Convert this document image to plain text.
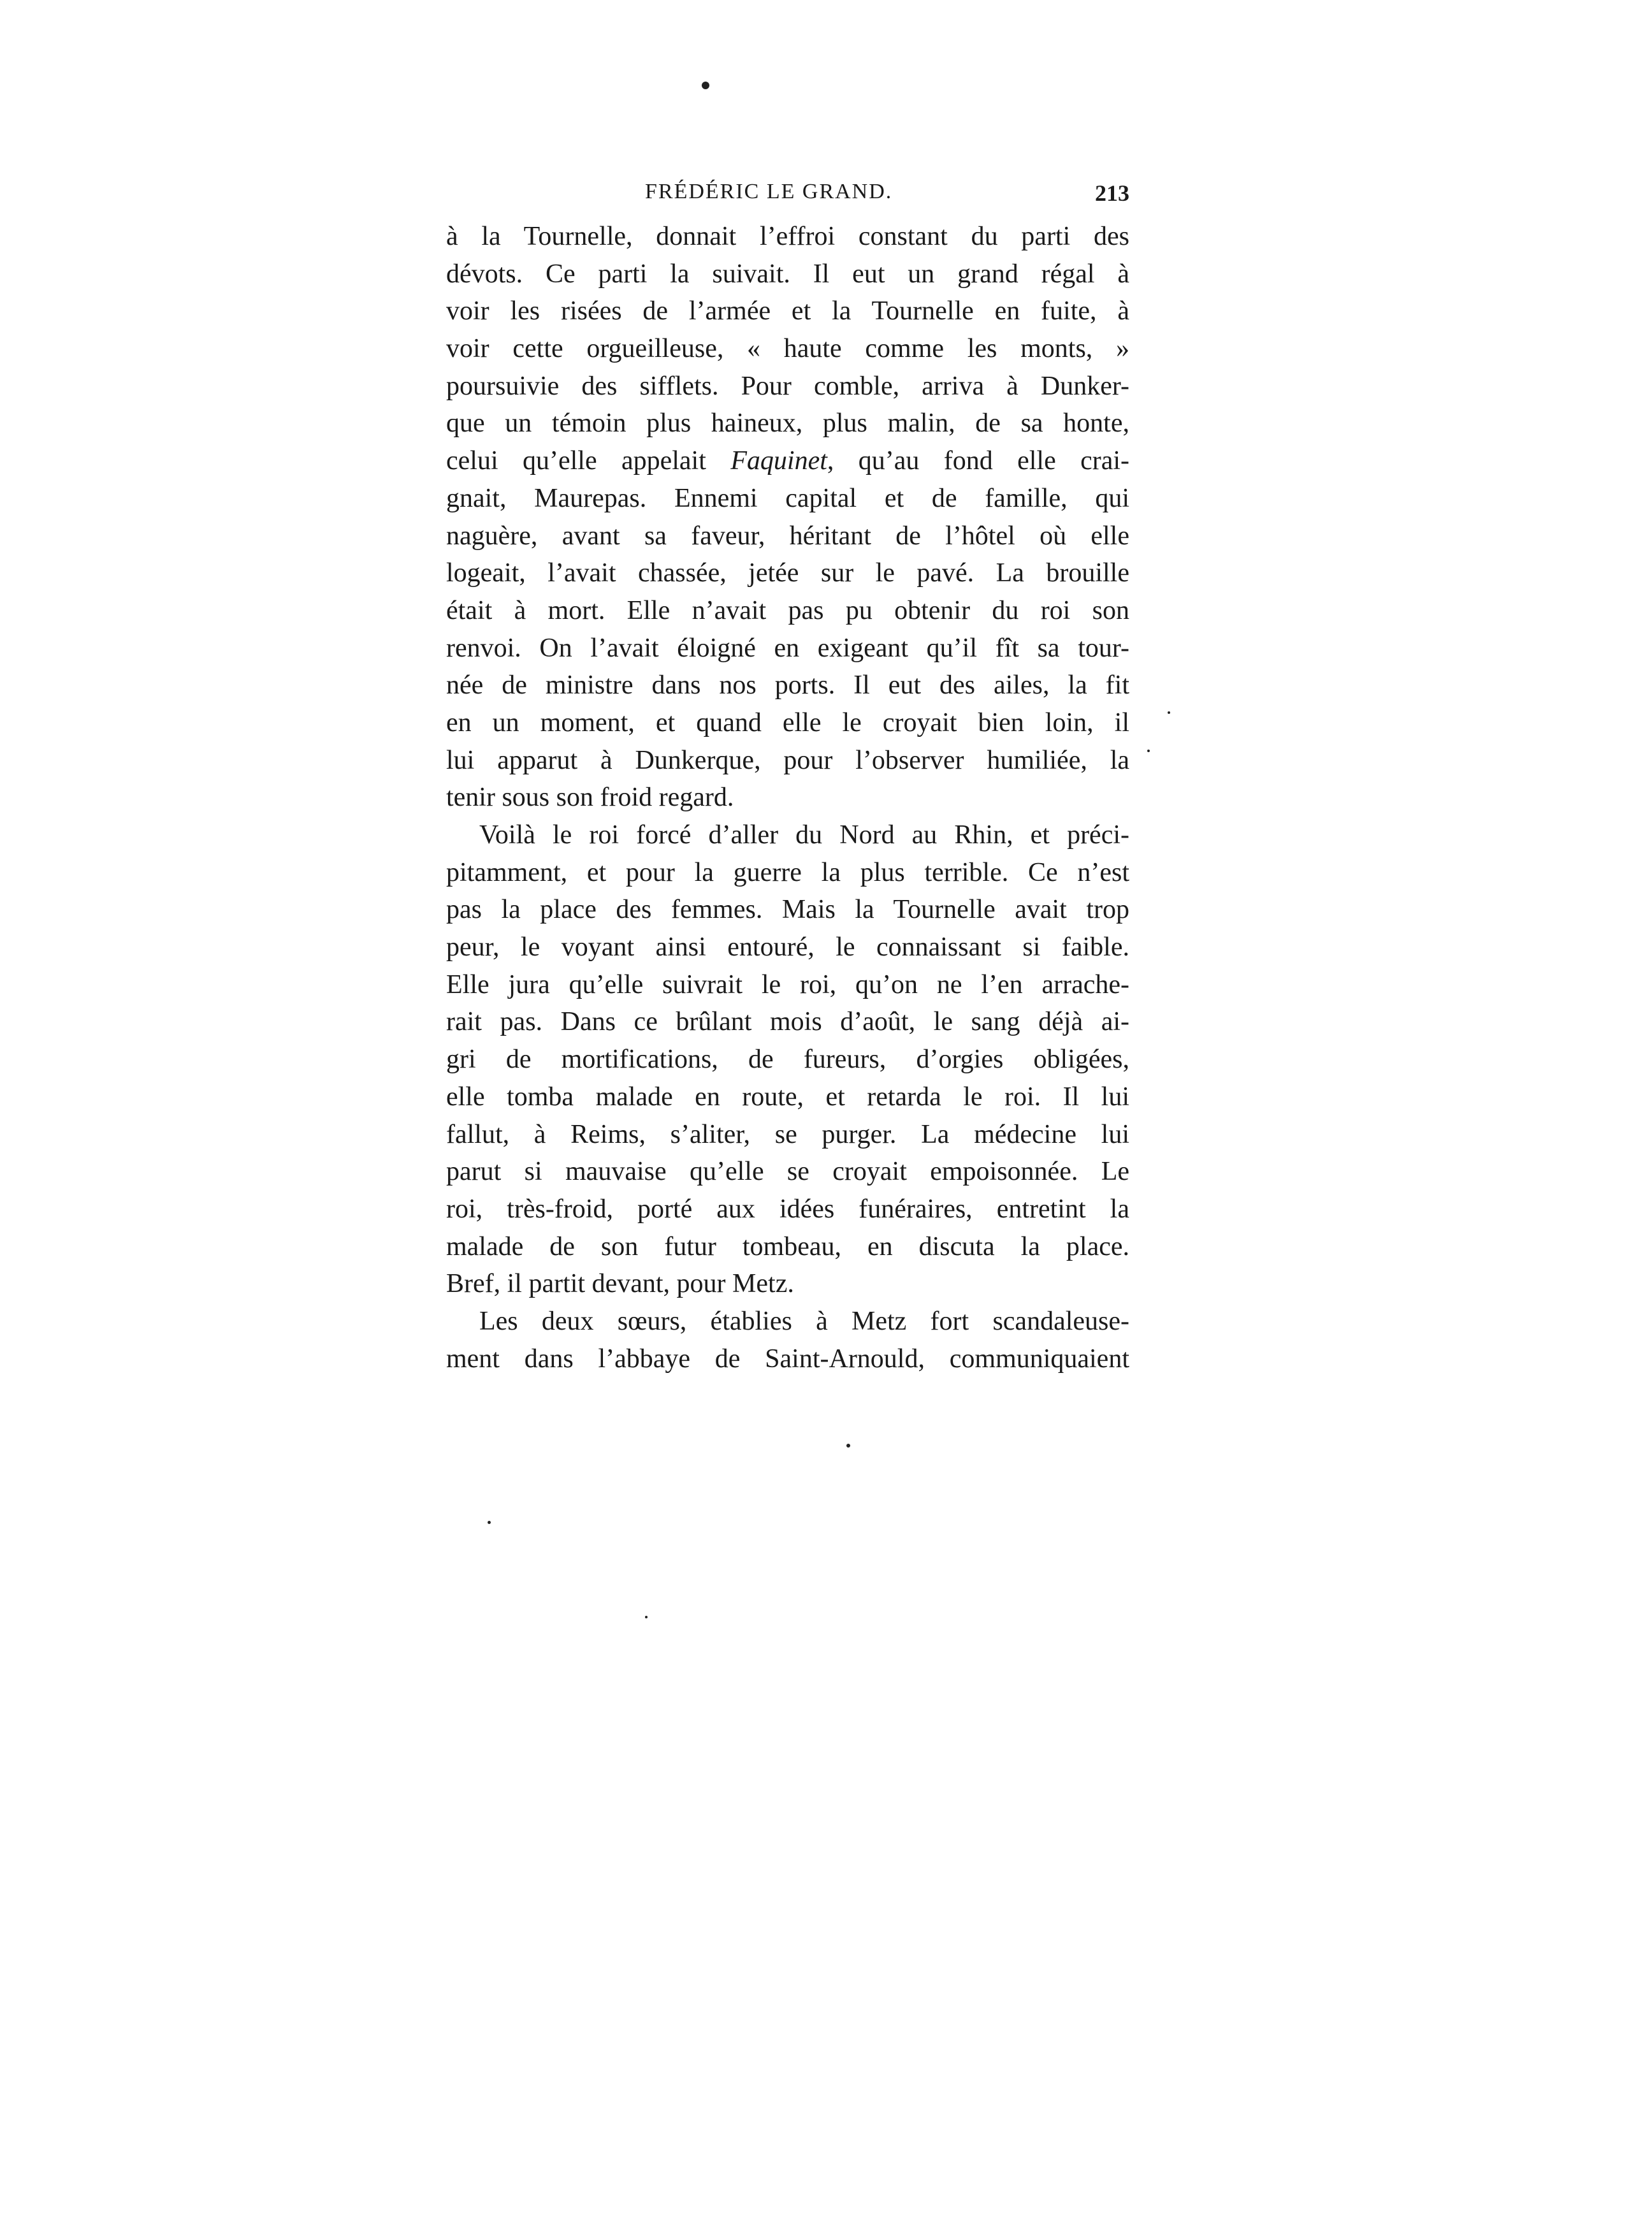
FRÉDÉRIC LE GRAND.	213
à la Tournelle, donnait l’effroi constant du parti des
dévots. Ce parti la suivait. Il eut un grand régal à
voir les risées de l’armée et la Tournelle en fuite, à
voir cette orgueilleuse, « haute comme les monts, »
poursuivie des sifflets. Pour comble, arriva à Dunker-
que un témoin plus haineux, plus malin, de sa honte,
celui qu’elle appelait Faquinet, qu’au fond elle crai-
gnait, Maurepas. Ennemi capital et de famille, qui
naguère, avant sa faveur, héritant de l’hôtel où elle
logeait, l’avait chassée, jetée sur le pavé. La brouille
était à mort. Elle n’avait pas pu obtenir du roi son
renvoi. On l’avait éloigné en exigeant qu’il fît sa tour-
née de ministre dans nos ports. Il eut des ailes, la fit
en un moment, et quand elle le croyait bien loin, il
lui apparut à Dunkerque, pour l’observer humiliée, la
tenir sous son froid regard.
Voilà le roi forcé d’aller du Nord au Rhin, et préci-
pitamment, et pour la guerre la plus terrible. Ce n’est
pas la place des femmes. Mais la Tournelle avait trop
peur, le voyant ainsi entouré, le connaissant si faible.
Elle jura qu’elle suivrait le roi, qu’on ne l’en arrache-
rait pas. Dans ce brûlant mois d’août, le sang déjà ai-
gri de mortifications, de fureurs, d’orgies obligées,
elle tomba malade en route, et retarda le roi. Il lui
fallut, à Reims, s’aliter, se purger. La médecine lui
parut si mauvaise qu’elle se croyait empoisonnée. Le
roi, très-froid, porté aux idées funéraires, entretint la
malade de son futur tombeau, en discuta la place.
Bref, il partit devant, pour Metz.
Les deux sœurs, établies à Metz fort scandaleuse-
ment dans l’abbaye de Saint-Arnould, communiquaient
